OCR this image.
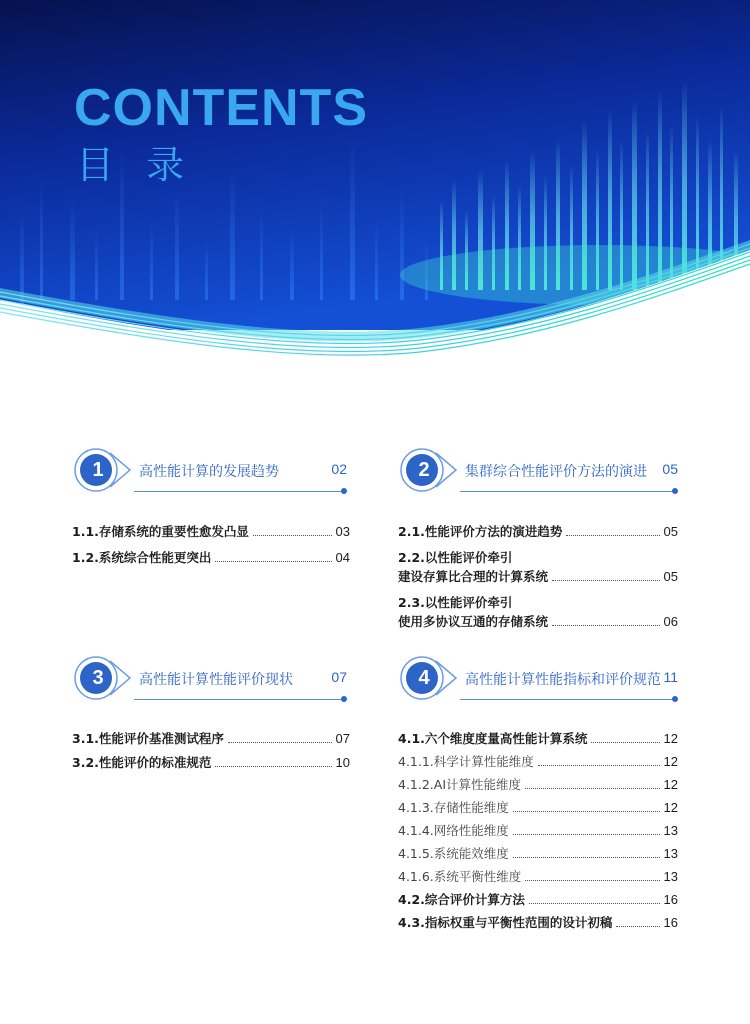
CONTENTS
目 录
1	高性能计算的发展趋势	02
1.1.存储系统的重要性愈发凸显	03
1.2.系统综合性能更突出	04
2	集群综合性能评价方法的演进 05
2.1.性能评价方法的演进趋势	05
2.2.以性能评价牵引
建设存算比合理的计算系统	05
2.3.以性能评价牵引
使用多协议互通的存储系统	06
3	高性能计算性能评价现状	07
3.1.性能评价基准测试程序	07
3.2.性能评价的标准规范	10
4	高性能计算性能指标和评价规范 11
4.1.六个维度度量高性能计算系统	12
4.1.1.科学计算性能维度	12
4.1.2.AI计算性能维度	12
4.1.3.存储性能维度	12
4.1.4.网络性能维度	13
4.1.5.系统能效维度	13
4.1.6.系统平衡性维度	13
4.2.综合评价计算方法	16
4.3.指标权重与平衡性范围的设计初稿	16
